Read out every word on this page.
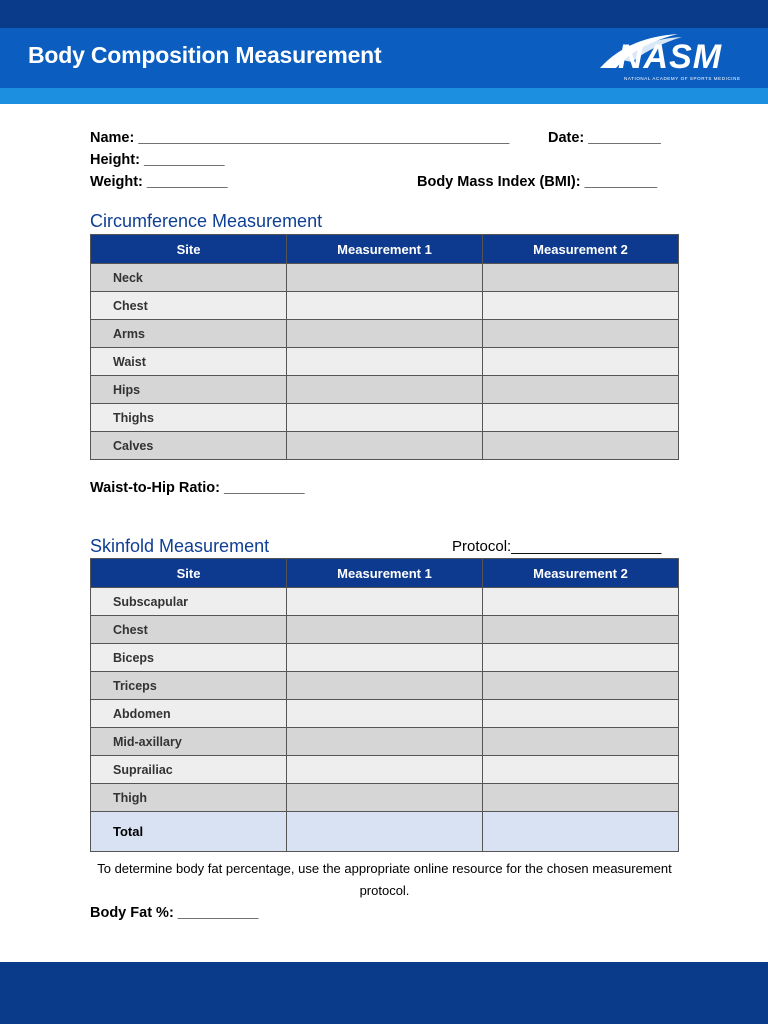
Body Composition Measurement	NASM
NATIONAL ACADEMY OF SPORTS MEDICINE
Name: ______________________________________________	Date: _________
Height: __________
Weight: __________	Body Mass Index (BMI): _________
Circumference Measurement
Site	Measurement 1	Measurement 2
Neck		
Chest		
Arms		
Waist		
Hips		
Thighs		
Calves		
Waist-to-Hip Ratio: __________
Skinfold Measurement	Protocol:__________________
Site	Measurement 1	Measurement 2
Subscapular		
Chest		
Biceps		
Triceps		
Abdomen		
Mid-axillary		
Suprailiac		
Thigh		
Total		
To determine body fat percentage, use the appropriate online resource for the chosen measurement protocol.
Body Fat %: __________
